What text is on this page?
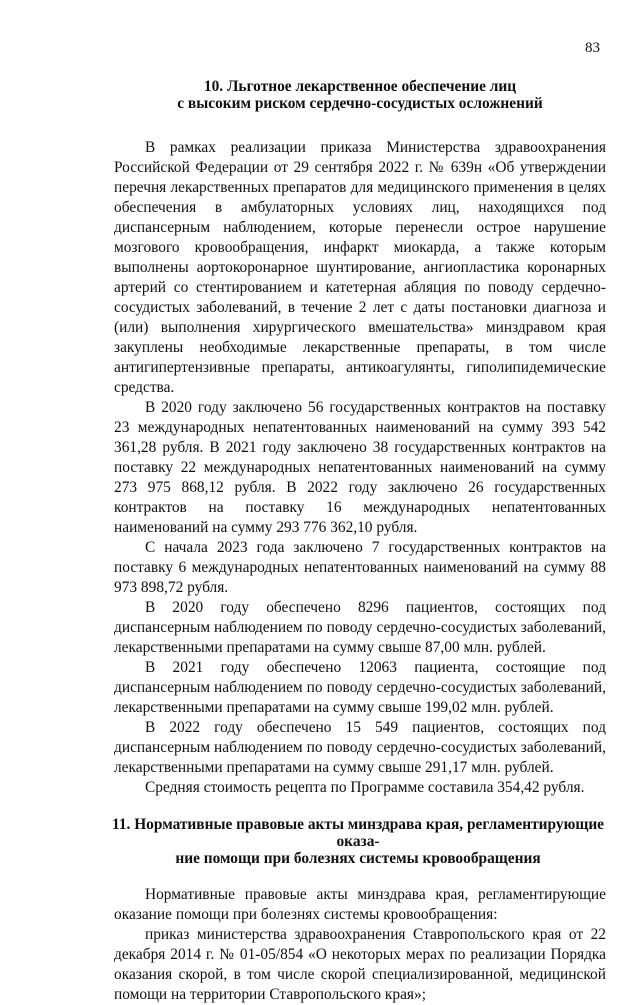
83
10. Льготное лекарственное обеспечение лиц
с высоким риском сердечно-сосудистых осложнений

В рамках реализации приказа Министерства здравоохранения Российской Федерации от 29 сентября 2022 г. № 639н «Об утверждении перечня лекарственных препаратов для медицинского применения в целях обеспечения в амбулаторных условиях лиц, находящихся под диспансерным наблюдением, которые перенесли острое нарушение мозгового кровообращения, инфаркт миокарда, а также которым выполнены аортокоронарное шунтирование, ангиопластика коронарных артерий со стентированием и катетерная абляция по поводу сердечно-сосудистых заболеваний, в течение 2 лет с даты постановки диагноза и (или) выполнения хирургического вмешательства» минздравом края закуплены необходимые лекарственные препараты, в том числе антигипертензивные препараты, антикоагулянты, гиполипидемические средства.

В 2020 году заключено 56 государственных контрактов на поставку 23 международных непатентованных наименований на сумму 393 542 361,28 рубля. В 2021 году заключено 38 государственных контрактов на поставку 22 международных непатентованных наименований на сумму 273 975 868,12 рубля. В 2022 году заключено 26 государственных контрактов на поставку 16 международных непатентованных наименований на сумму 293 776 362,10 рубля.

С начала 2023 года заключено 7 государственных контрактов на поставку 6 международных непатентованных наименований на сумму 88 973 898,72 рубля.

В 2020 году обеспечено 8296 пациентов, состоящих под диспансерным наблюдением по поводу сердечно-сосудистых заболеваний, лекарственными препаратами на сумму свыше 87,00 млн. рублей.

В 2021 году обеспечено 12063 пациента, состоящие под диспансерным наблюдением по поводу сердечно-сосудистых заболеваний, лекарственными препаратами на сумму свыше 199,02 млн. рублей.

В 2022 году обеспечено 15 549 пациентов, состоящих под диспансерным наблюдением по поводу сердечно-сосудистых заболеваний, лекарственными препаратами на сумму свыше 291,17 млн. рублей.

Средняя стоимость рецепта по Программе составила 354,42 рубля.

11. Нормативные правовые акты минздрава края, регламентирующие оказа-
ние помощи при болезнях системы кровообращения

Нормативные правовые акты минздрава края, регламентирующие оказание помощи при болезнях системы кровообращения:

приказ министерства здравоохранения Ставропольского края от 22 декабря 2014 г. № 01-05/854 «О некоторых мерах по реализации Порядка оказания скорой, в том числе скорой специализированной, медицинской помощи на территории Ставропольского края»;
